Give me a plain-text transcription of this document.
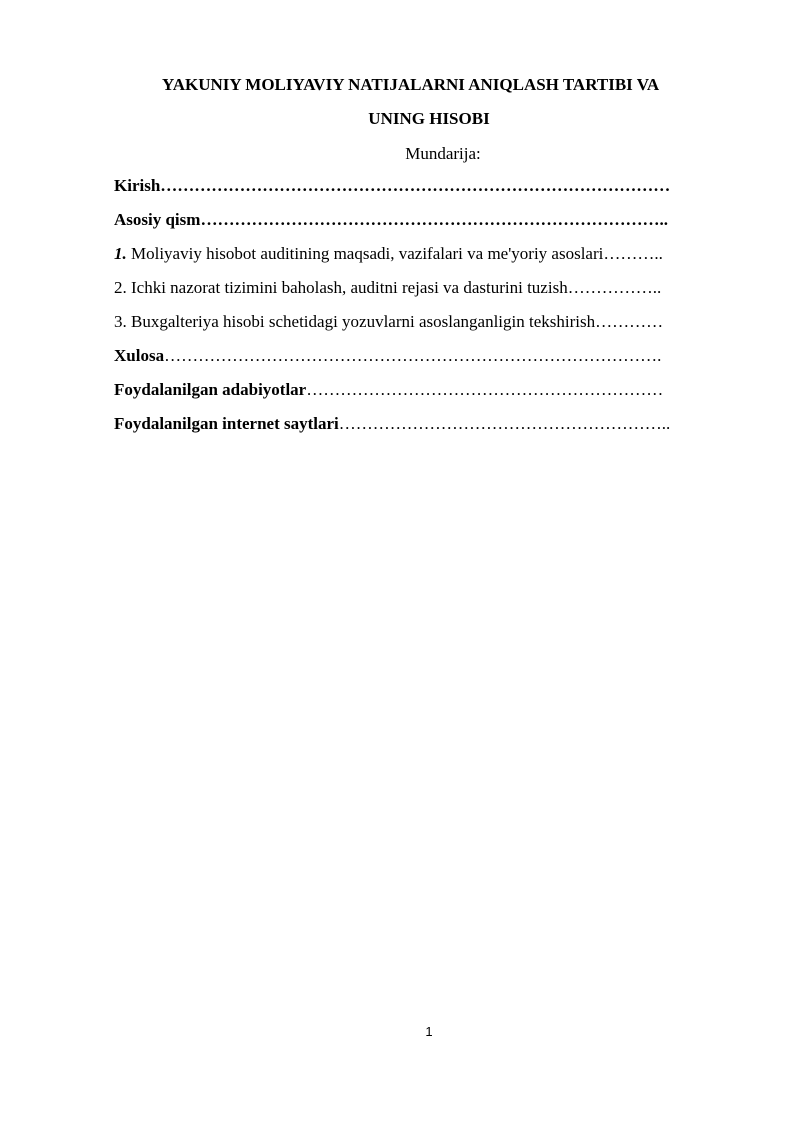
YAKUNIY MOLIYAVIY NATIJALARNI ANIQLASH TARTIBI VA
UNING HISOBI
Mundarija:
Kirish………………………………………………………………………………
Asosiy qism………………………………………………………………………..
1. Moliyaviy hisobot auditining maqsadi, vazifalari va me'yoriy asoslari………..
2. Ichki nazorat tizimini baholash, auditni rejasi va dasturini tuzish……………..
3. Buxgalteriya hisobi schetidagi yozuvlarni asoslanganligin tekshirish…………
Xulosa…………………………………………………………………………….
Foydalanilgan adabiyotlar………………………………………………………
Foydalanilgan internet saytlari…………………………………………………..
1
